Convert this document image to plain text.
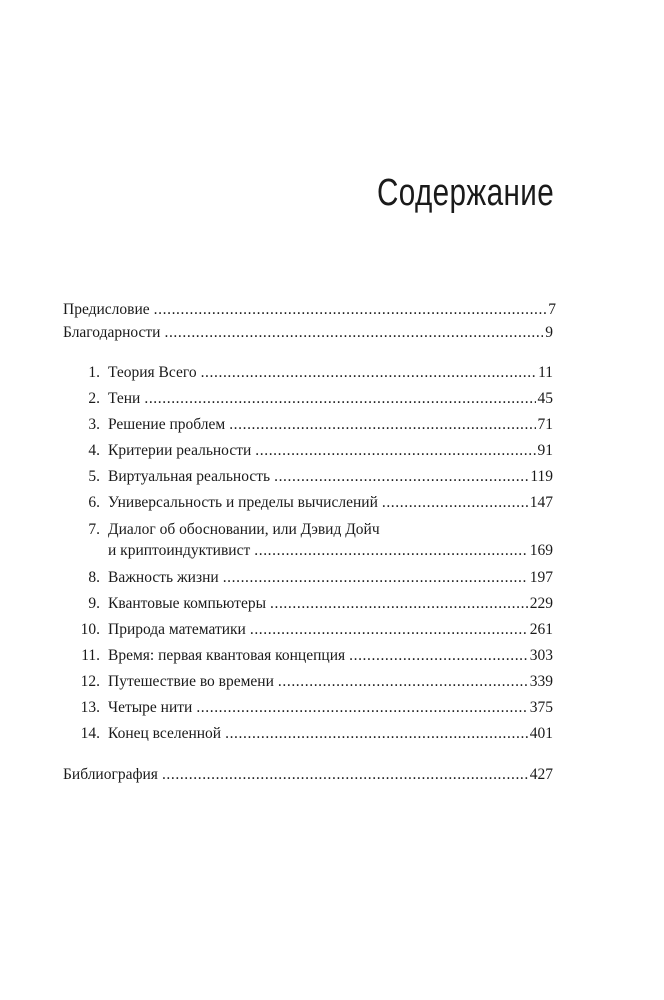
Содержание
Предисловие .....	7
Благодарности .....	9
1. Теория Всего .....	11
2. Тени .....	45
3. Решение проблем .....	71
4. Критерии реальности .....	91
5. Виртуальная реальность .....	119
6. Универсальность и пределы вычислений .....	147
7. Диалог об обосновании, или Дэвид Дойч
и криптоиндуктивист .....	169
8. Важность жизни .....	197
9. Квантовые компьютеры .....	229
10. Природа математики .....	261
11. Время: первая квантовая концепция .....	303
12. Путешествие во времени .....	339
13. Четыре нити .....	375
14. Конец вселенной .....	401
Библиография .....	427
